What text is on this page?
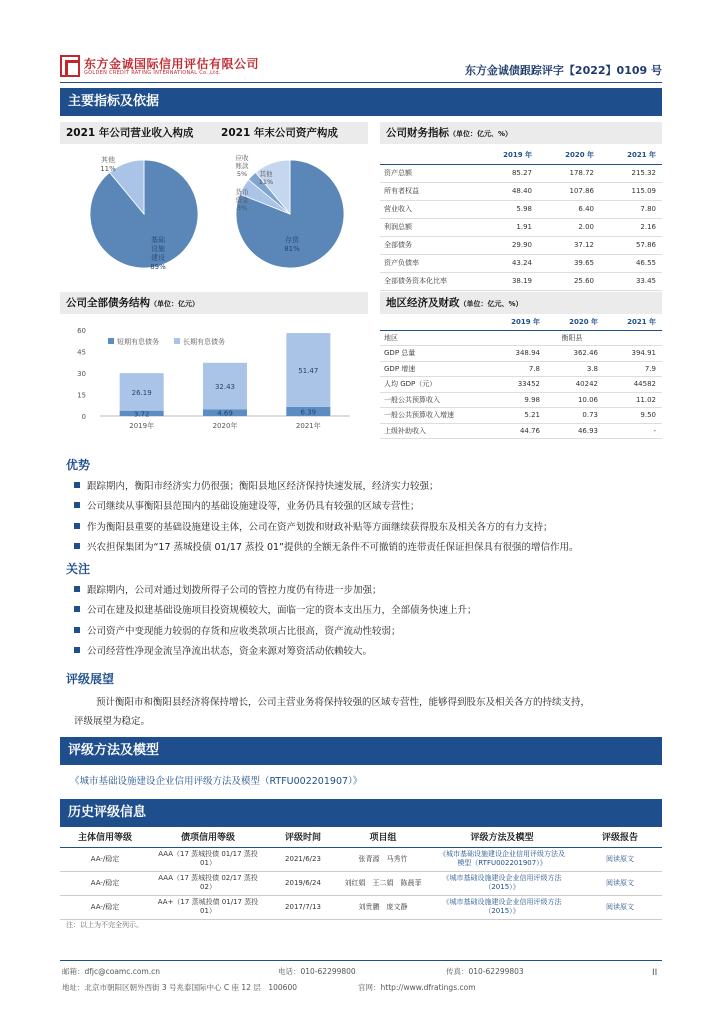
东方金诚国际信用评估有限公司
GOLDEN CREDIT RATING INTERNATIONAL Co.,Ltd.	东方金诚债跟踪评字【2022】0109 号
主要指标及依据
2021 年公司营业收入构成	2021 年末公司资产构成
基础设施建设 89%
其他 11%
存货 81%
应收账款 5%
货币资金 3%
其他 11%
公司财务指标（单位：亿元、%）
	2019 年	2020 年	2021 年
资产总额	85.27	178.72	215.32
所有者权益	48.40	107.86	115.09
营业收入	5.98	6.40	7.80
利润总额	1.91	2.00	2.16
全部债务	29.90	37.12	57.86
资产负债率	43.24	39.65	46.55
全部债务资本化比率	38.19	25.60	33.45
公司全部债务结构（单位：亿元）
60
45
30
15
0	3.72
26.19
2019年
4.69
32.43
2020年
6.39
51.47
2021年
短期有息债务	长期有息债务
地区经济及财政（单位：亿元、%）
	2019 年	2020 年	2021 年
地区	衡阳县		
GDP 总量	348.94	362.46	394.91
GDP 增速	7.8	3.8	7.9
人均 GDP（元）	33452	40242	44582
一般公共预算收入	9.98	10.06	11.02
一般公共预算收入增速	5.21	0.73	9.50
上级补助收入	44.76	46.93	-
优势
跟踪期内，衡阳市经济实力仍很强；衡阳县地区经济保持快速发展，经济实力较强；
公司继续从事衡阳县范围内的基础设施建设等，业务仍具有较强的区域专营性；
作为衡阳县重要的基础设施建设主体，公司在资产划拨和财政补贴等方面继续获得股东及相关各方的有力支持；
兴农担保集团为“17 蒸城投债 01/17 蒸投 01”提供的全额无条件不可撤销的连带责任保证担保具有很强的增信作用。
关注
跟踪期内，公司对通过划拨所得子公司的管控力度仍有待进一步加强；
公司在建及拟建基础设施项目投资规模较大，面临一定的资本支出压力，全部债务快速上升；
公司资产中变现能力较弱的存货和应收类款项占比很高，资产流动性较弱；
公司经营性净现金流呈净流出状态，资金来源对筹资活动依赖较大。
评级展望
预计衡阳市和衡阳县经济将保持增长，公司主营业务将保持较强的区域专营性，能够得到股东及相关各方的持续支持，
评级展望为稳定。
评级方法及模型
《城市基础设施建设企业信用评级方法及模型（RTFU002201907）》
历史评级信息
主体信用等级	债项信用等级	评级时间	项目组	评级方法及模型	评级报告
AA-/稳定	AAA（17 蒸城投债 01/17 蒸投 01）	2021/6/23	张青源　马秀竹	《城市基础设施建设企业信用评级方法及模型（RTFU002201907）》	阅读原文
AA-/稳定	AAA（17 蒸城投债 02/17 蒸投 02）	2019/6/24	刘红娟　王二娟　陈晨菲	《城市基础设施建设企业信用评级方法（2015）》	阅读原文
AA-/稳定	AA+（17 蒸城投债 01/17 蒸投 01）	2017/7/13	刘贵鹏　庞文静	《城市基础设施建设企业信用评级方法（2015）》	阅读原文
注：以上为不完全列示。
邮箱：dfjc@coamc.com.cn	电话：010-62299800	传真：010-62299803	II
地址：北京市朝阳区朝外西街 3 号兆泰国际中心 C 座 12 层　100600	官网：http://www.dfratings.com
